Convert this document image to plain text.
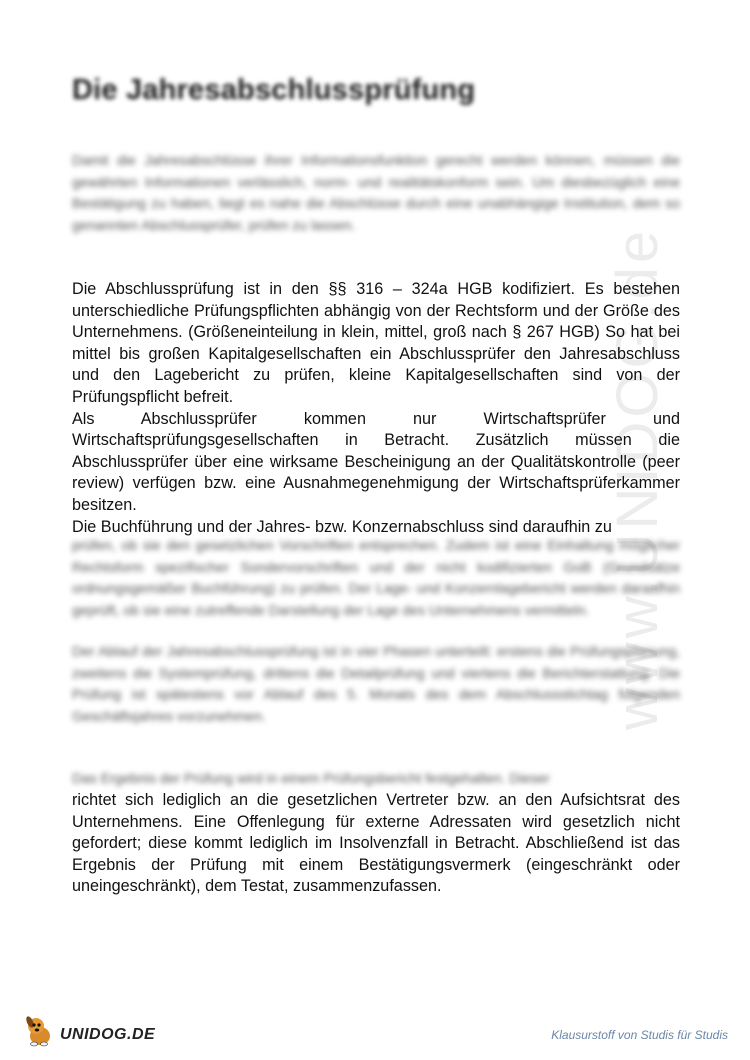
www.UNIDOG.de
Die Jahresabschlussprüfung
Damit die Jahresabschlüsse ihrer Informationsfunktion gerecht werden können, müssen die gewährten Informationen verlässlich, norm- und realitätskonform sein. Um diesbezüglich eine Bestätigung zu haben, liegt es nahe die Abschlüsse durch eine unabhängige Institution, dem so genannten Abschlussprüfer, prüfen zu lassen.

Die Abschlussprüfung ist in den §§ 316 – 324a HGB kodifiziert. Es bestehen unterschiedliche Prüfungspflichten abhängig von der Rechtsform und der Größe des Unternehmens. (Größeneinteilung in klein, mittel, groß nach § 267 HGB) So hat bei mittel bis großen Kapitalgesellschaften ein Abschlussprüfer den Jahresabschluss und den Lagebericht zu prüfen, kleine Kapitalgesellschaften sind von der Prüfungspflicht befreit.

Als Abschlussprüfer kommen nur Wirtschaftsprüfer und Wirtschaftsprüfungsgesellschaften in Betracht. Zusätzlich müssen die Abschlussprüfer über eine wirksame Bescheinigung an der Qualitätskontrolle (peer review) verfügen bzw. eine Ausnahmegenehmigung der Wirtschaftsprüferkammer besitzen.

Die Buchführung und der Jahres- bzw. Konzernabschluss sind daraufhin zu

prüfen, ob sie den gesetzlichen Vorschriften entsprechen. Zudem ist eine Einhaltung möglicher Rechtsform spezifischer Sondervorschriften und der nicht kodifizierten GoB (Grundsätze ordnungsgemäßer Buchführung) zu prüfen. Der Lage- und Konzernlagebericht werden daraufhin geprüft, ob sie eine zutreffende Darstellung der Lage des Unternehmens vermitteln.
Der Ablauf der Jahresabschlussprüfung ist in vier Phasen unterteilt: erstens die Prüfungsplanung, zweitens die Systemprüfung, drittens die Detailprüfung und viertens die Berichterstattung. Die Prüfung ist spätestens vor Ablauf des 5. Monats des dem Abschlussstichtag folgenden Geschäftsjahres vorzunehmen.
Das Ergebnis der Prüfung wird in einem Prüfungsbericht festgehalten. Dieser

richtet sich lediglich an die gesetzlichen Vertreter bzw. an den Aufsichtsrat des Unternehmens. Eine Offenlegung für externe Adressaten wird gesetzlich nicht gefordert; diese kommt lediglich im Insolvenzfall in Betracht. Abschließend ist das Ergebnis der Prüfung mit einem Bestätigungsvermerk (eingeschränkt oder uneingeschränkt), dem Testat, zusammenzufassen.

UNIDOG.DE	Klausurstoff von Studis für Studis
